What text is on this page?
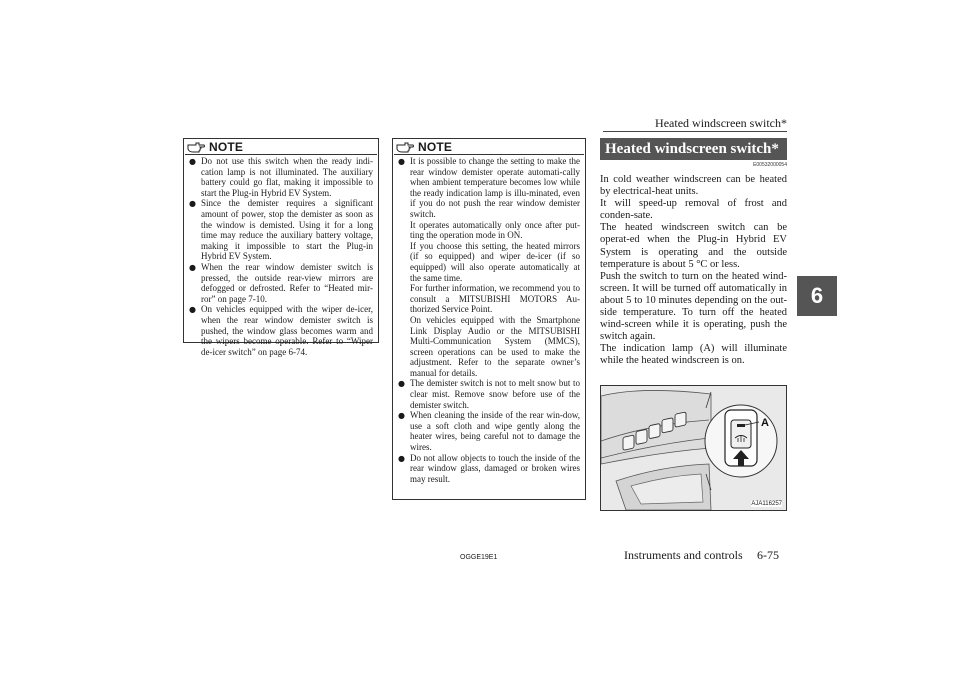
Heated windscreen switch*
6
NOTE
● Do not use this switch when the ready indi-cation lamp is not illuminated. The auxiliary battery could go flat, making it impossible to start the Plug-in Hybrid EV System.

● Since the demister requires a significant amount of power, stop the demister as soon as the window is demisted. Using it for a long time may reduce the auxiliary battery voltage, making it impossible to start the Plug-in Hybrid EV System.

● When the rear window demister switch is pressed, the outside rear-view mirrors are defogged or defrosted. Refer to “Heated mir-ror” on page 7-10.

● On vehicles equipped with the wiper de-icer, when the rear window demister switch is pushed, the window glass becomes warm and the wipers become operable. Refer to “Wiper de-icer switch” on page 6-74.

NOTE
● It is possible to change the setting to make the rear window demister operate automati-cally when ambient temperature becomes low while the ready indication lamp is illu-minated, even if you do not push the rear window demister switch.

It operates automatically only once after put-ting the operation mode in ON.

If you choose this setting, the heated mirrors (if so equipped) and wiper de-icer (if so equipped) will also operate automatically at the same time.

For further information, we recommend you to consult a MITSUBISHI MOTORS Au-thorized Service Point.

On vehicles equipped with the Smartphone Link Display Audio or the MITSUBISHI Multi-Communication System (MMCS), screen operations can be used to make the adjustment. Refer to the separate owner’s manual for details.

● The demister switch is not to melt snow but to clear mist. Remove snow before use of the demister switch.

● When cleaning the inside of the rear win-dow, use a soft cloth and wipe gently along the heater wires, being careful not to damage the wires.

● Do not allow objects to touch the inside of the rear window glass, damaged or broken wires may result.

Heated windscreen switch*
E00532000054

In cold weather windscreen can be heated by electrical-heat units.

It will speed-up removal of frost and conden-sate.

The heated windscreen switch can be operat-ed when the Plug-in Hybrid EV System is operating and the outside temperature is about 5 °C or less.

Push the switch to turn on the heated wind-screen. It will be turned off automatically in about 5 to 10 minutes depending on the out-side temperature. To turn off the heated wind-screen while it is operating, push the switch again.

The indication lamp (A) will illuminate while the heated windscreen is on.

A
AJA116257
OGGE19E1	Instruments and controls 6-75
